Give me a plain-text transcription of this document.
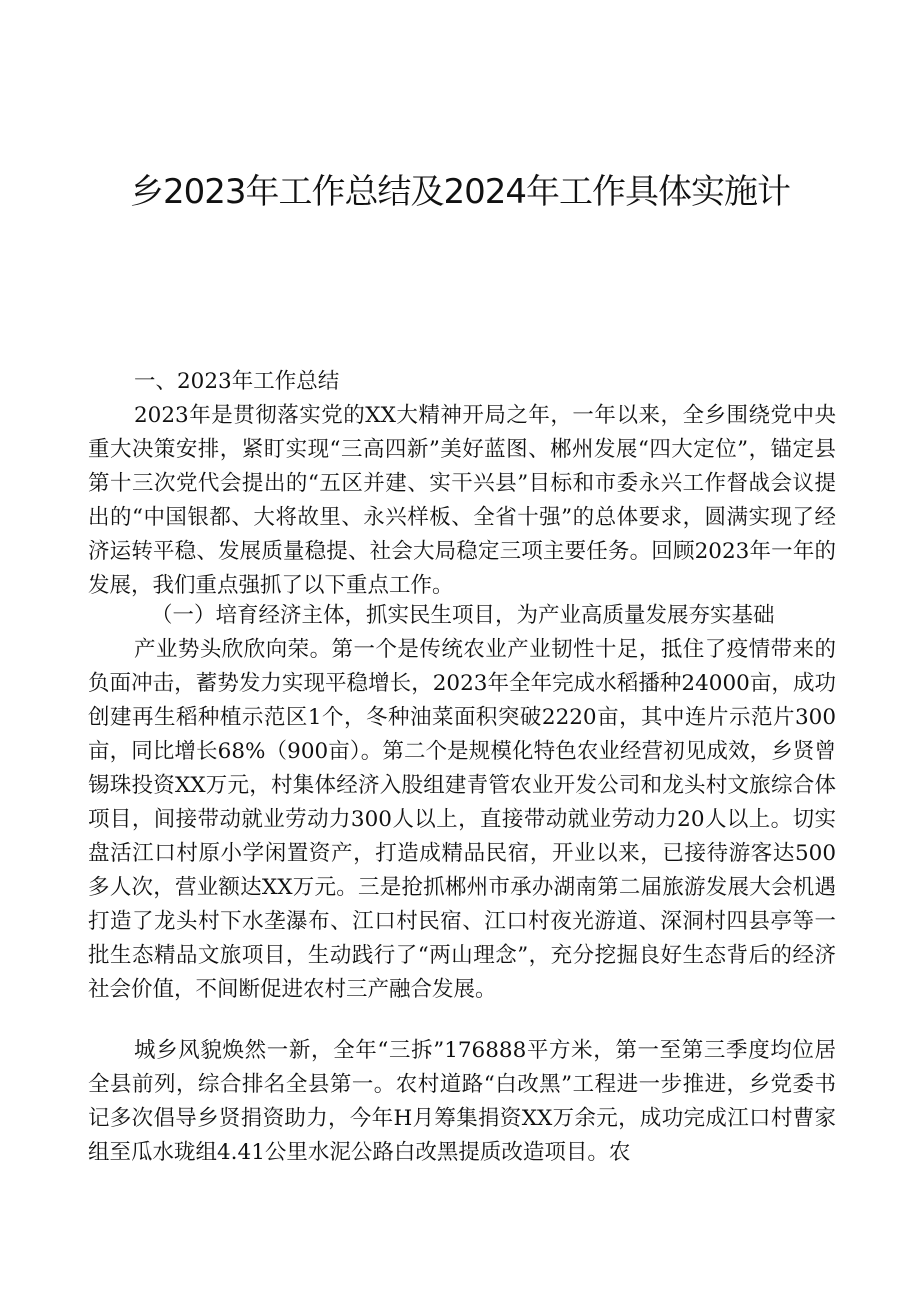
乡2023年工作总结及2024年工作具体实施计
一、2023年工作总结

2023年是贯彻落实党的XX大精神开局之年，一年以来，全乡围绕党中央重大决策安排，紧盯实现“三高四新”美好蓝图、郴州发展“四大定位”，锚定县第十三次党代会提出的“五区并建、实干兴县”目标和市委永兴工作督战会议提出的“中国银都、大将故里、永兴样板、全省十强”的总体要求，圆满实现了经济运转平稳、发展质量稳提、社会大局稳定三项主要任务。回顾2023年一年的发展，我们重点强抓了以下重点工作。

（一）培育经济主体，抓实民生项目，为产业高质量发展夯实基础

产业势头欣欣向荣。第一个是传统农业产业韧性十足，抵住了疫情带来的负面冲击，蓄势发力实现平稳增长，2023年全年完成水稻播种24000亩，成功创建再生稻种植示范区1个，冬种油菜面积突破2220亩，其中连片示范片300亩，同比增长68%（900亩）。第二个是规模化特色农业经营初见成效，乡贤曾锡珠投资XX万元，村集体经济入股组建青管农业开发公司和龙头村文旅综合体项目，间接带动就业劳动力300人以上，直接带动就业劳动力20人以上。切实盘活江口村原小学闲置资产，打造成精品民宿，开业以来，已接待游客达500多人次，营业额达XX万元。三是抢抓郴州市承办湖南第二届旅游发展大会机遇打造了龙头村下水垄瀑布、江口村民宿、江口村夜光游道、深洞村四县亭等一批生态精品文旅项目，生动践行了“两山理念”，充分挖掘良好生态背后的经济社会价值，不间断促进农村三产融合发展。

城乡风貌焕然一新，全年“三拆”176888平方米，第一至第三季度均位居全县前列，综合排名全县第一。农村道路“白改黑”工程进一步推进，乡党委书记多次倡导乡贤捐资助力，今年H月筹集捐资XX万余元，成功完成江口村曹家组至瓜水珑组4.41公里水泥公路白改黑提质改造项目。农
